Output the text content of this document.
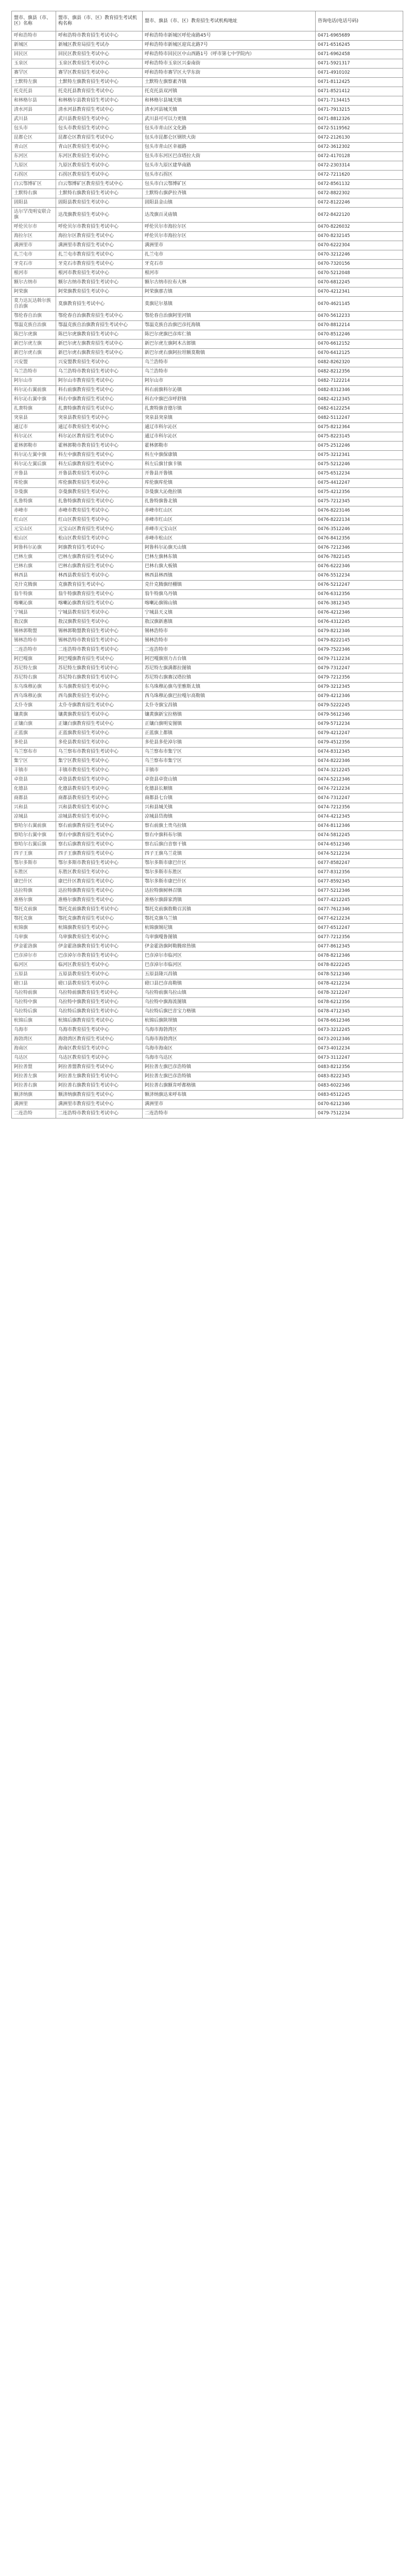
盟市、旗县（市、区）名称	盟市、旗县（市、区）教育招生考试机构名称	盟市、旗县（市、区）教育招生考试机构地址	咨询电话(电话号码)
呼和浩特市	呼和浩特市教育招生考试中心	呼和浩特市新城区呼伦南路45号	0471-6965689
新城区	新城区教育局招生考试办	呼和浩特市新城区迎宾北路7号	0471-6516245
回民区	回民区教育招生考试中心	呼和浩特市回民区中山西路1号（呼市第七中学院内）	0471-6962458
玉泉区	玉泉区教育招生考试中心	呼和浩特市玉泉区兴泰南街	0471-5921317
赛罕区	赛罕区教育招生考试中心	呼和浩特市赛罕区大学东街	0471-4910102
土默特左旗	土默特左旗教育招生考试中心	土默特左旗察素齐镇	0471-8112425
托克托县	托克托县教育招生考试中心	托克托县双河镇	0471-8521412
和林格尔县	和林格尔县教育招生考试中心	和林格尔县城关镇	0471-7134415
清水河县	清水河县教育招生考试中心	清水河县城关镇	0471-7913215
武川县	武川县教育招生考试中心	武川县可可以力更镇	0471-8812326
包头市	包头市教育招生考试中心	包头市青山区文化路	0472-5119562
昆都仑区	昆都仑区教育招生考试中心	包头市昆都仑区钢铁大街	0472-2126130
青山区	青山区教育招生考试中心	包头市青山区幸福路	0472-3612302
东河区	东河区教育招生考试中心	包头市东河区巴彦塔拉大街	0472-4170128
九原区	九原区教育招生考试中心	包头市九原区建华南路	0472-2303314
石拐区	石拐区教育招生考试中心	包头市石拐区	0472-7211620
白云鄂博矿区	白云鄂博矿区教育招生考试中心	包头市白云鄂博矿区	0472-8561132
土默特右旗	土默特右旗教育招生考试中心	土默特右旗萨拉齐镇	0472-8822302
固阳县	固阳县教育招生考试中心	固阳县金山镇	0472-8122246
达尔罕茂明安联合旗	达茂旗教育招生考试中心	达茂旗百灵庙镇	0472-8422120
呼伦贝尔市	呼伦贝尔市教育招生考试中心	呼伦贝尔市海拉尔区	0470-8226032
海拉尔区	海拉尔区教育招生考试中心	呼伦贝尔市海拉尔区	0470-8232145
满洲里市	满洲里市教育招生考试中心	满洲里市	0470-6222304
扎兰屯市	扎兰屯市教育招生考试中心	扎兰屯市	0470-3212246
牙克石市	牙克石市教育招生考试中心	牙克石市	0470-7320156
根河市	根河市教育招生考试中心	根河市	0470-5212048
额尔古纳市	额尔古纳市教育招生考试中心	额尔古纳市拉布大林	0470-6812245
阿荣旗	阿荣旗教育招生考试中心	阿荣旗那吉镇	0470-4212341
莫力达瓦达斡尔族自治旗	莫旗教育招生考试中心	莫旗尼尔基镇	0470-4621145
鄂伦春自治旗	鄂伦春自治旗教育招生考试中心	鄂伦春自治旗阿里河镇	0470-5612233
鄂温克族自治旗	鄂温克族自治旗教育招生考试中心	鄂温克族自治旗巴彦托海镇	0470-8812214
陈巴尔虎旗	陈巴尔虎旗教育招生考试中心	陈巴尔虎旗巴彦库仁镇	0470-8512246
新巴尔虎左旗	新巴尔虎左旗教育招生考试中心	新巴尔虎左旗阿木古郎镇	0470-6612152
新巴尔虎右旗	新巴尔虎右旗教育招生考试中心	新巴尔虎右旗阿拉坦额莫勒镇	0470-6412125
兴安盟	兴安盟教育招生考试中心	乌兰浩特市	0482-8262320
乌兰浩特市	乌兰浩特市教育招生考试中心	乌兰浩特市	0482-8212356
阿尔山市	阿尔山市教育招生考试中心	阿尔山市	0482-7122214
科尔沁右翼前旗	科右前旗教育招生考试中心	科右前旗科尔沁镇	0482-8312346
科尔沁右翼中旗	科右中旗教育招生考试中心	科右中旗巴彦呼舒镇	0482-4212345
扎赉特旗	扎赉特旗教育招生考试中心	扎赉特旗音德尔镇	0482-6122254
突泉县	突泉县教育招生考试中心	突泉县突泉镇	0482-5112247
通辽市	通辽市教育招生考试中心	通辽市科尔沁区	0475-8212364
科尔沁区	科尔沁区教育招生考试中心	通辽市科尔沁区	0475-8223145
霍林郭勒市	霍林郭勒市教育招生考试中心	霍林郭勒市	0475-2512246
科尔沁左翼中旗	科左中旗教育招生考试中心	科左中旗保康镇	0475-3212341
科尔沁左翼后旗	科左后旗教育招生考试中心	科左后旗甘旗卡镇	0475-5212246
开鲁县	开鲁县教育招生考试中心	开鲁县开鲁镇	0475-6512234
库伦旗	库伦旗教育招生考试中心	库伦旗库伦镇	0475-4412247
奈曼旗	奈曼旗教育招生考试中心	奈曼旗大沁他拉镇	0475-4212356
扎鲁特旗	扎鲁特旗教育招生考试中心	扎鲁特旗鲁北镇	0475-7212345
赤峰市	赤峰市教育招生考试中心	赤峰市红山区	0476-8223146
红山区	红山区教育招生考试中心	赤峰市红山区	0476-8222134
元宝山区	元宝山区教育招生考试中心	赤峰市元宝山区	0476-3512246
松山区	松山区教育招生考试中心	赤峰市松山区	0476-8412356
阿鲁科尔沁旗	阿旗教育招生考试中心	阿鲁科尔沁旗天山镇	0476-7212346
巴林左旗	巴林左旗教育招生考试中心	巴林左旗林东镇	0476-7822145
巴林右旗	巴林右旗教育招生考试中心	巴林右旗大板镇	0476-6222346
林西县	林西县教育招生考试中心	林西县林西镇	0476-5512234
克什克腾旗	克旗教育招生考试中心	克什克腾旗经棚镇	0476-5212247
翁牛特旗	翁牛特旗教育招生考试中心	翁牛特旗乌丹镇	0476-6312356
喀喇沁旗	喀喇沁旗教育招生考试中心	喀喇沁旗锦山镇	0476-3812345
宁城县	宁城县教育招生考试中心	宁城县天义镇	0476-4212346
敖汉旗	敖汉旗教育招生考试中心	敖汉旗新惠镇	0476-4312245
锡林郭勒盟	锡林郭勒盟教育招生考试中心	锡林浩特市	0479-8212346
锡林浩特市	锡林浩特市教育招生考试中心	锡林浩特市	0479-8222145
二连浩特市	二连浩特市教育招生考试中心	二连浩特市	0479-7522346
阿巴嘎旗	阿巴嘎旗教育招生考试中心	阿巴嘎旗别力古台镇	0479-7112234
苏尼特左旗	苏尼特左旗教育招生考试中心	苏尼特左旗满都拉图镇	0479-7312247
苏尼特右旗	苏尼特右旗教育招生考试中心	苏尼特右旗赛汉塔拉镇	0479-7212356
东乌珠穆沁旗	东乌旗教育招生考试中心	东乌珠穆沁旗乌里雅斯太镇	0479-3212345
西乌珠穆沁旗	西乌旗教育招生考试中心	西乌珠穆沁旗巴拉嘎尔高勒镇	0479-4212346
太仆寺旗	太仆寺旗教育招生考试中心	太仆寺旗宝昌镇	0479-5222245
镶黄旗	镶黄旗教育招生考试中心	镶黄旗新宝拉格镇	0479-5612346
正镶白旗	正镶白旗教育招生考试中心	正镶白旗明安图镇	0479-5712234
正蓝旗	正蓝旗教育招生考试中心	正蓝旗上都镇	0479-4212247
多伦县	多伦县教育招生考试中心	多伦县多伦淖尔镇	0479-4512356
乌兰察布市	乌兰察布市教育招生考试中心	乌兰察布市集宁区	0474-8312345
集宁区	集宁区教育招生考试中心	乌兰察布市集宁区	0474-8222346
丰镇市	丰镇市教育招生考试中心	丰镇市	0474-3212245
卓资县	卓资县教育招生考试中心	卓资县卓资山镇	0474-5212346
化德县	化德县教育招生考试中心	化德县长顺镇	0474-7212234
商都县	商都县教育招生考试中心	商都县七台镇	0474-7312247
兴和县	兴和县教育招生考试中心	兴和县城关镇	0474-7212356
凉城县	凉城县教育招生考试中心	凉城县岱海镇	0474-4212345
察哈尔右翼前旗	察右前旗教育招生考试中心	察右前旗土贵乌拉镇	0474-8112346
察哈尔右翼中旗	察右中旗教育招生考试中心	察右中旗科布尔镇	0474-5812245
察哈尔右翼后旗	察右后旗教育招生考试中心	察右后旗白音察干镇	0474-6512346
四子王旗	四子王旗教育招生考试中心	四子王旗乌兰花镇	0474-5212234
鄂尔多斯市	鄂尔多斯市教育招生考试中心	鄂尔多斯市康巴什区	0477-8582247
东胜区	东胜区教育招生考试中心	鄂尔多斯市东胜区	0477-8312356
康巴什区	康巴什区教育招生考试中心	鄂尔多斯市康巴什区	0477-8592345
达拉特旗	达拉特旗教育招生考试中心	达拉特旗树林召镇	0477-5212346
准格尔旗	准格尔旗教育招生考试中心	准格尔旗薛家湾镇	0477-4212245
鄂托克前旗	鄂托克前旗教育招生考试中心	鄂托克前旗敖勒召其镇	0477-7612346
鄂托克旗	鄂托克旗教育招生考试中心	鄂托克旗乌兰镇	0477-6212234
杭锦旗	杭锦旗教育招生考试中心	杭锦旗锡尼镇	0477-6512247
乌审旗	乌审旗教育招生考试中心	乌审旗嘎鲁图镇	0477-7212356
伊金霍洛旗	伊金霍洛旗教育招生考试中心	伊金霍洛旗阿勒腾席热镇	0477-8612345
巴彦淖尔市	巴彦淖尔市教育招生考试中心	巴彦淖尔市临河区	0478-8212346
临河区	临河区教育招生考试中心	巴彦淖尔市临河区	0478-8222245
五原县	五原县教育招生考试中心	五原县隆兴昌镇	0478-5212346
磴口县	磴口县教育招生考试中心	磴口县巴彦高勒镇	0478-4212234
乌拉特前旗	乌拉特前旗教育招生考试中心	乌拉特前旗乌拉山镇	0478-3212247
乌拉特中旗	乌拉特中旗教育招生考试中心	乌拉特中旗海流图镇	0478-6212356
乌拉特后旗	乌拉特后旗教育招生考试中心	乌拉特后旗巴音宝力格镇	0478-4712345
杭锦后旗	杭锦后旗教育招生考试中心	杭锦后旗陕坝镇	0478-6612346
乌海市	乌海市教育招生考试中心	乌海市海勃湾区	0473-3212245
海勃湾区	海勃湾区教育招生考试中心	乌海市海勃湾区	0473-2012346
海南区	海南区教育招生考试中心	乌海市海南区	0473-4012234
乌达区	乌达区教育招生考试中心	乌海市乌达区	0473-3112247
阿拉善盟	阿拉善盟教育招生考试中心	阿拉善左旗巴彦浩特镇	0483-8212356
阿拉善左旗	阿拉善左旗教育招生考试中心	阿拉善左旗巴彦浩特镇	0483-8222345
阿拉善右旗	阿拉善右旗教育招生考试中心	阿拉善右旗额肯呼都格镇	0483-6022346
额济纳旗	额济纳旗教育招生考试中心	额济纳旗达来呼布镇	0483-6512245
满洲里	满洲里市教育招生考试中心	满洲里市	0470-6212346
二连浩特	二连浩特市教育招生考试中心	二连浩特市	0479-7512234
